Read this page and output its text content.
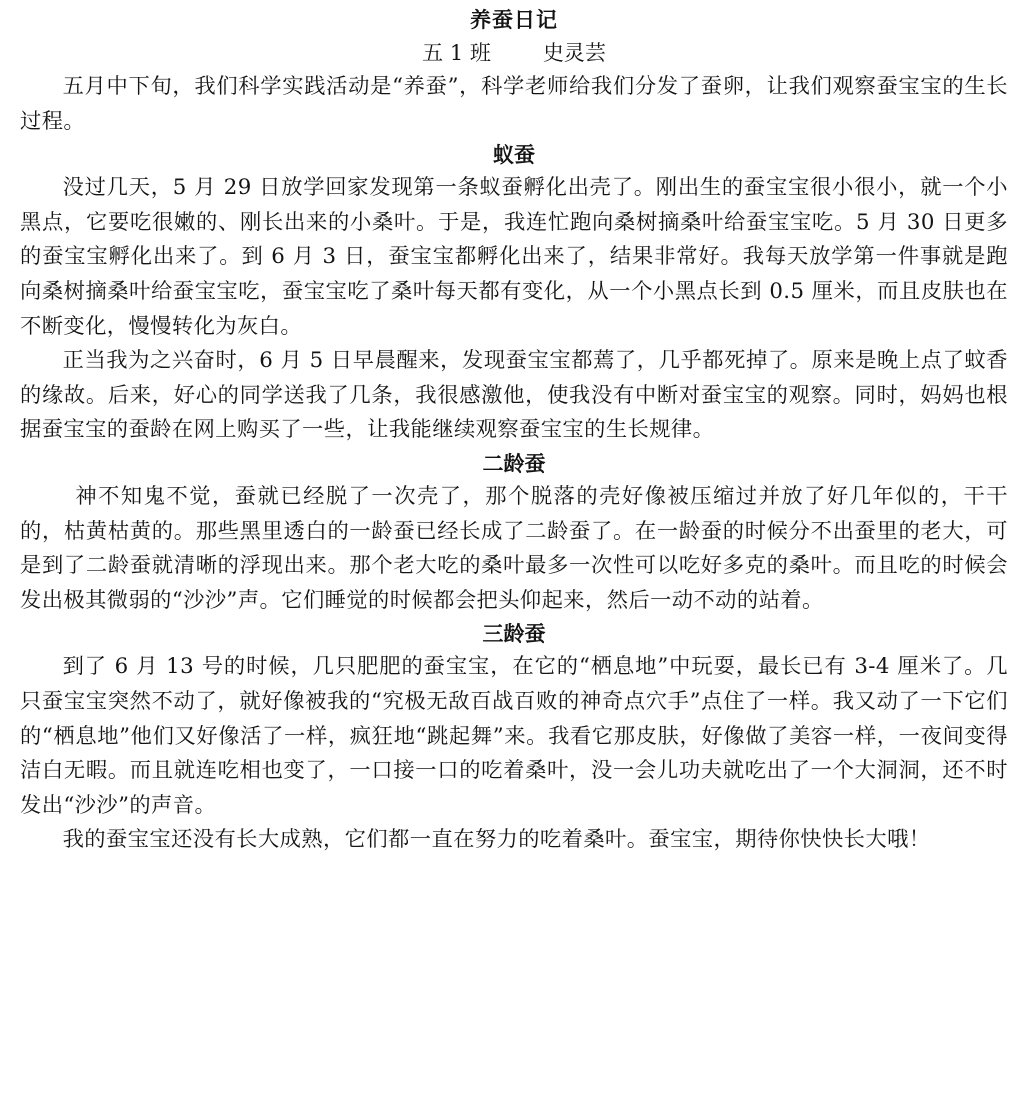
养蚕日记
五 1 班 史灵芸

五月中下旬，我们科学实践活动是“养蚕”，科学老师给我们分发了蚕卵，让我们观察蚕宝宝的生长过程。

蚁蚕

没过几天，5 月 29 日放学回家发现第一条蚁蚕孵化出壳了。刚出生的蚕宝宝很小很小，就一个小黑点，它要吃很嫩的、刚长出来的小桑叶。于是，我连忙跑向桑树摘桑叶给蚕宝宝吃。5 月 30 日更多的蚕宝宝孵化出来了。到 6 月 3 日，蚕宝宝都孵化出来了，结果非常好。我每天放学第一件事就是跑向桑树摘桑叶给蚕宝宝吃，蚕宝宝吃了桑叶每天都有变化，从一个小黑点长到 0.5 厘米，而且皮肤也在不断变化，慢慢转化为灰白。

正当我为之兴奋时，6 月 5 日早晨醒来，发现蚕宝宝都蔫了，几乎都死掉了。原来是晚上点了蚊香的缘故。后来，好心的同学送我了几条，我很感激他，使我没有中断对蚕宝宝的观察。同时，妈妈也根据蚕宝宝的蚕龄在网上购买了一些，让我能继续观察蚕宝宝的生长规律。

二龄蚕

神不知鬼不觉，蚕就已经脱了一次壳了，那个脱落的壳好像被压缩过并放了好几年似的，干干的，枯黄枯黄的。那些黑里透白的一龄蚕已经长成了二龄蚕了。在一龄蚕的时候分不出蚕里的老大，可是到了二龄蚕就清晰的浮现出来。那个老大吃的桑叶最多一次性可以吃好多克的桑叶。而且吃的时候会发出极其微弱的“沙沙”声。它们睡觉的时候都会把头仰起来，然后一动不动的站着。

三龄蚕

到了 6 月 13 号的时候，几只肥肥的蚕宝宝，在它的“栖息地”中玩耍，最长已有 3-4 厘米了。几只蚕宝宝突然不动了，就好像被我的“究极无敌百战百败的神奇点穴手”点住了一样。我又动了一下它们的“栖息地”他们又好像活了一样，疯狂地“跳起舞”来。我看它那皮肤，好像做了美容一样，一夜间变得洁白无暇。而且就连吃相也变了，一口接一口的吃着桑叶，没一会儿功夫就吃出了一个大洞洞，还不时发出“沙沙”的声音。

我的蚕宝宝还没有长大成熟，它们都一直在努力的吃着桑叶。蚕宝宝，期待你快快长大哦！
